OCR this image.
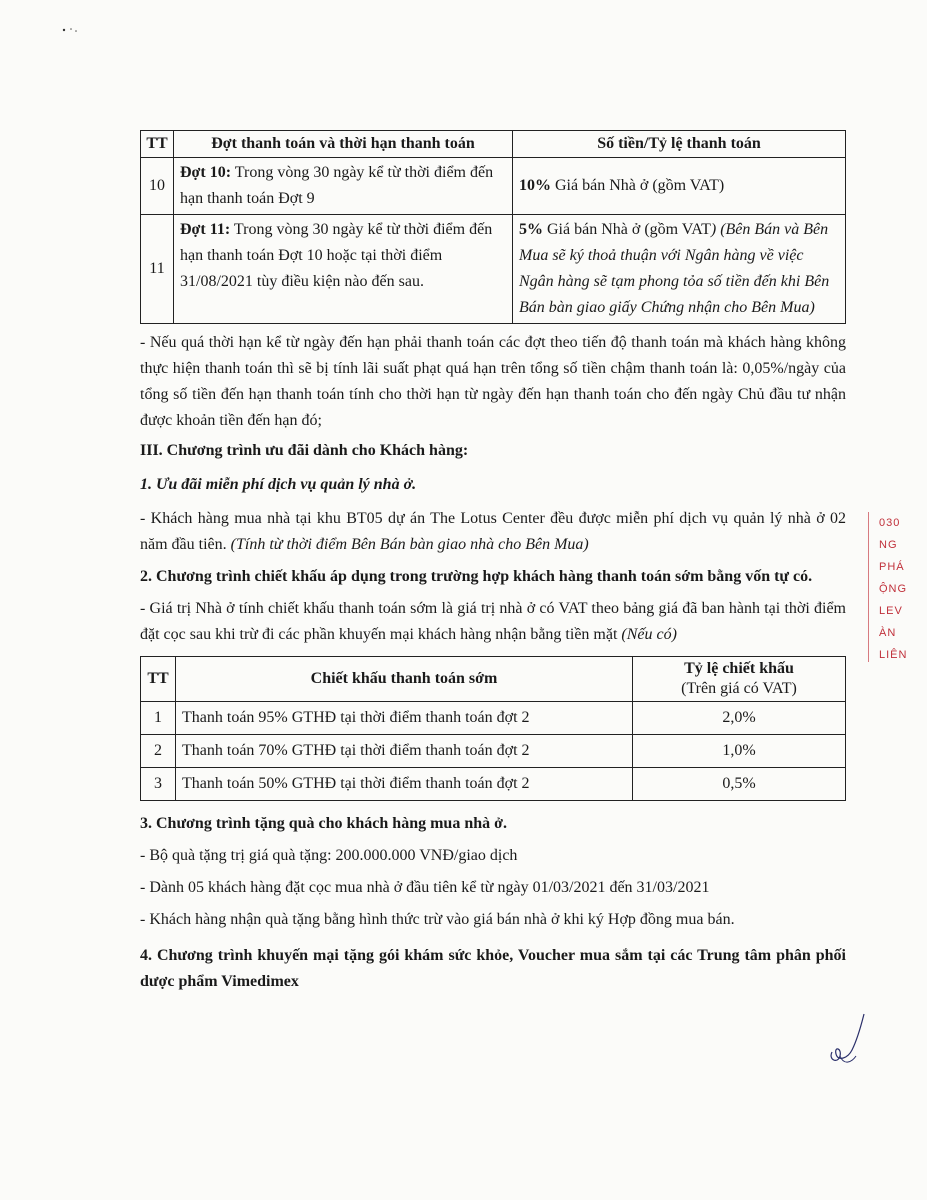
TT	Đợt thanh toán và thời hạn thanh toán	Số tiền/Tỷ lệ thanh toán
10	Đợt 10: Trong vòng 30 ngày kể từ thời điểm đến hạn thanh toán Đợt 9	10% Giá bán Nhà ở (gồm VAT)
11	Đợt 11: Trong vòng 30 ngày kể từ thời điểm đến hạn thanh toán Đợt 10 hoặc tại thời điểm 31/08/2021 tùy điều kiện nào đến sau.	5% Giá bán Nhà ở (gồm VAT) (Bên Bán và Bên Mua sẽ ký thoả thuận với Ngân hàng về việc Ngân hàng sẽ tạm phong tỏa số tiền đến khi Bên Bán bàn giao giấy Chứng nhận cho Bên Mua)

- Nếu quá thời hạn kể từ ngày đến hạn phải thanh toán các đợt theo tiến độ thanh toán mà khách hàng không thực hiện thanh toán thì sẽ bị tính lãi suất phạt quá hạn trên tổng số tiền chậm thanh toán là: 0,05%/ngày của tổng số tiền đến hạn thanh toán tính cho thời hạn từ ngày đến hạn thanh toán cho đến ngày Chủ đầu tư nhận được khoản tiền đến hạn đó;

III. Chương trình ưu đãi dành cho Khách hàng:

1. Ưu đãi miễn phí dịch vụ quản lý nhà ở.

- Khách hàng mua nhà tại khu BT05 dự án The Lotus Center đều được miễn phí dịch vụ quản lý nhà ở 02 năm đầu tiên. (Tính từ thời điểm Bên Bán bàn giao nhà cho Bên Mua)

2. Chương trình chiết khấu áp dụng trong trường hợp khách hàng thanh toán sớm bằng vốn tự có.

- Giá trị Nhà ở tính chiết khấu thanh toán sớm là giá trị nhà ở có VAT theo bảng giá đã ban hành tại thời điểm đặt cọc sau khi trừ đi các phần khuyến mại khách hàng nhận bằng tiền mặt (Nếu có)

TT	Chiết khấu thanh toán sớm	Tỷ lệ chiết khấu
(Trên giá có VAT)

1	Thanh toán 95% GTHĐ tại thời điểm thanh toán đợt 2	2,0%
2	Thanh toán 70% GTHĐ tại thời điểm thanh toán đợt 2	1,0%
3	Thanh toán 50% GTHĐ tại thời điểm thanh toán đợt 2	0,5%

3. Chương trình tặng quà cho khách hàng mua nhà ở.

- Bộ quà tặng trị giá quà tặng: 200.000.000 VNĐ/giao dịch

- Dành 05 khách hàng đặt cọc mua nhà ở đầu tiên kể từ ngày 01/03/2021 đến 31/03/2021

- Khách hàng nhận quà tặng bằng hình thức trừ vào giá bán nhà ở khi ký Hợp đồng mua bán.

4. Chương trình khuyến mại tặng gói khám sức khỏe, Voucher mua sắm tại các Trung tâm phân phối dược phẩm Vimedimex

030
NG
PHÁ
ỘNG
LEV
ÀN
LIÊN
